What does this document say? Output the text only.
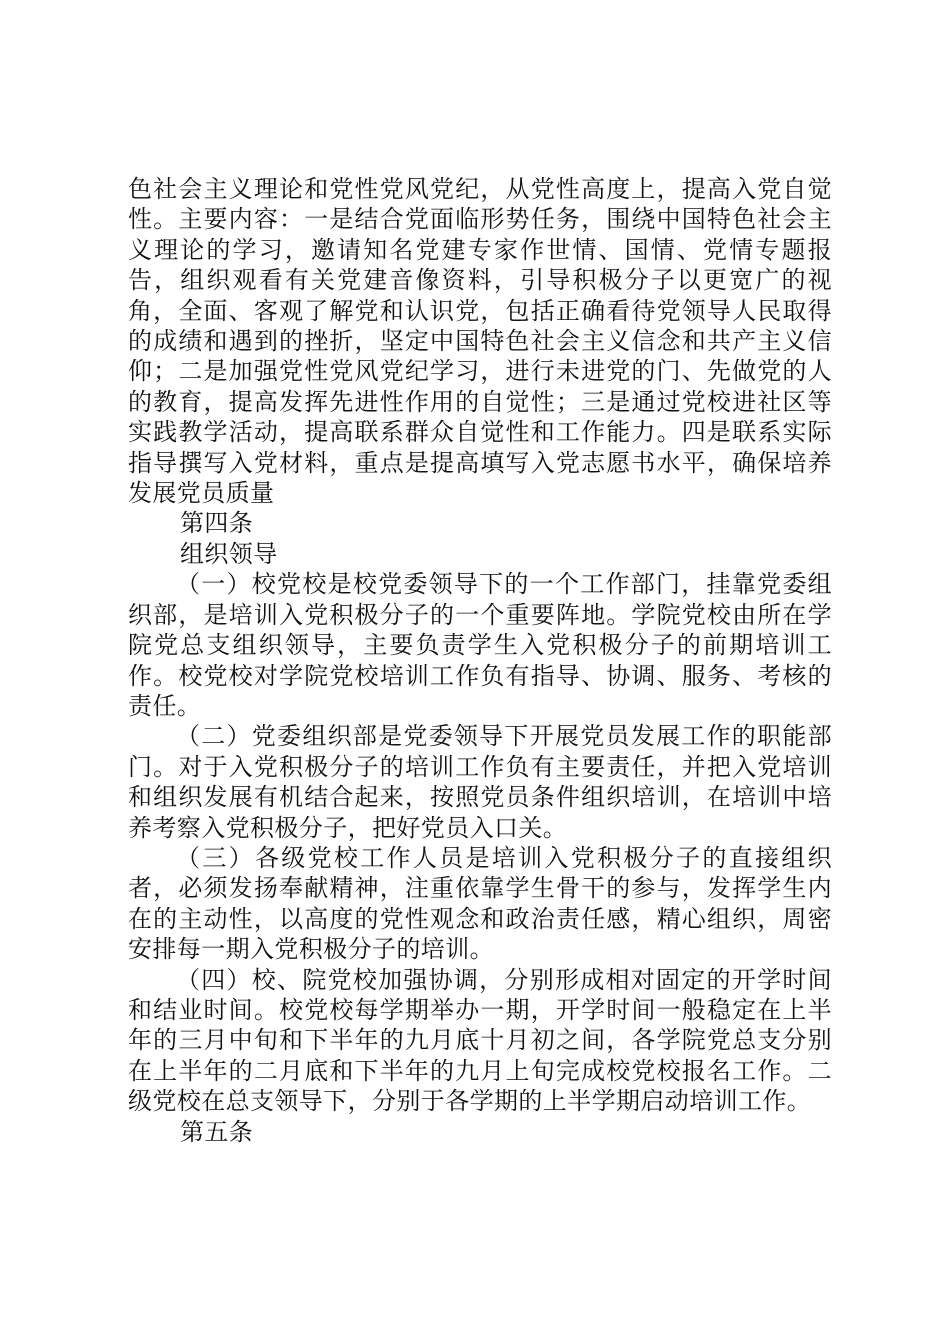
色社会主义理论和党性党风党纪，从党性高度上，提高入党自觉性。主要内容：一是结合党面临形势任务，围绕中国特色社会主义理论的学习，邀请知名党建专家作世情、国情、党情专题报告，组织观看有关党建音像资料，引导积极分子以更宽广的视角，全面、客观了解党和认识党，包括正确看待党领导人民取得的成绩和遇到的挫折，坚定中国特色社会主义信念和共产主义信仰；二是加强党性党风党纪学习，进行未进党的门、先做党的人的教育，提高发挥先进性作用的自觉性；三是通过党校进社区等实践教学活动，提高联系群众自觉性和工作能力。四是联系实际指导撰写入党材料，重点是提高填写入党志愿书水平，确保培养发展党员质量

第四条

组织领导

（一）校党校是校党委领导下的一个工作部门，挂靠党委组织部，是培训入党积极分子的一个重要阵地。学院党校由所在学院党总支组织领导，主要负责学生入党积极分子的前期培训工作。校党校对学院党校培训工作负有指导、协调、服务、考核的责任。

（二）党委组织部是党委领导下开展党员发展工作的职能部门。对于入党积极分子的培训工作负有主要责任，并把入党培训和组织发展有机结合起来，按照党员条件组织培训，在培训中培养考察入党积极分子，把好党员入口关。

（三）各级党校工作人员是培训入党积极分子的直接组织者，必须发扬奉献精神，注重依靠学生骨干的参与，发挥学生内在的主动性，以高度的党性观念和政治责任感，精心组织，周密安排每一期入党积极分子的培训。

（四）校、院党校加强协调，分别形成相对固定的开学时间和结业时间。校党校每学期举办一期，开学时间一般稳定在上半年的三月中旬和下半年的九月底十月初之间，各学院党总支分别在上半年的二月底和下半年的九月上旬完成校党校报名工作。二级党校在总支领导下，分别于各学期的上半学期启动培训工作。

第五条
